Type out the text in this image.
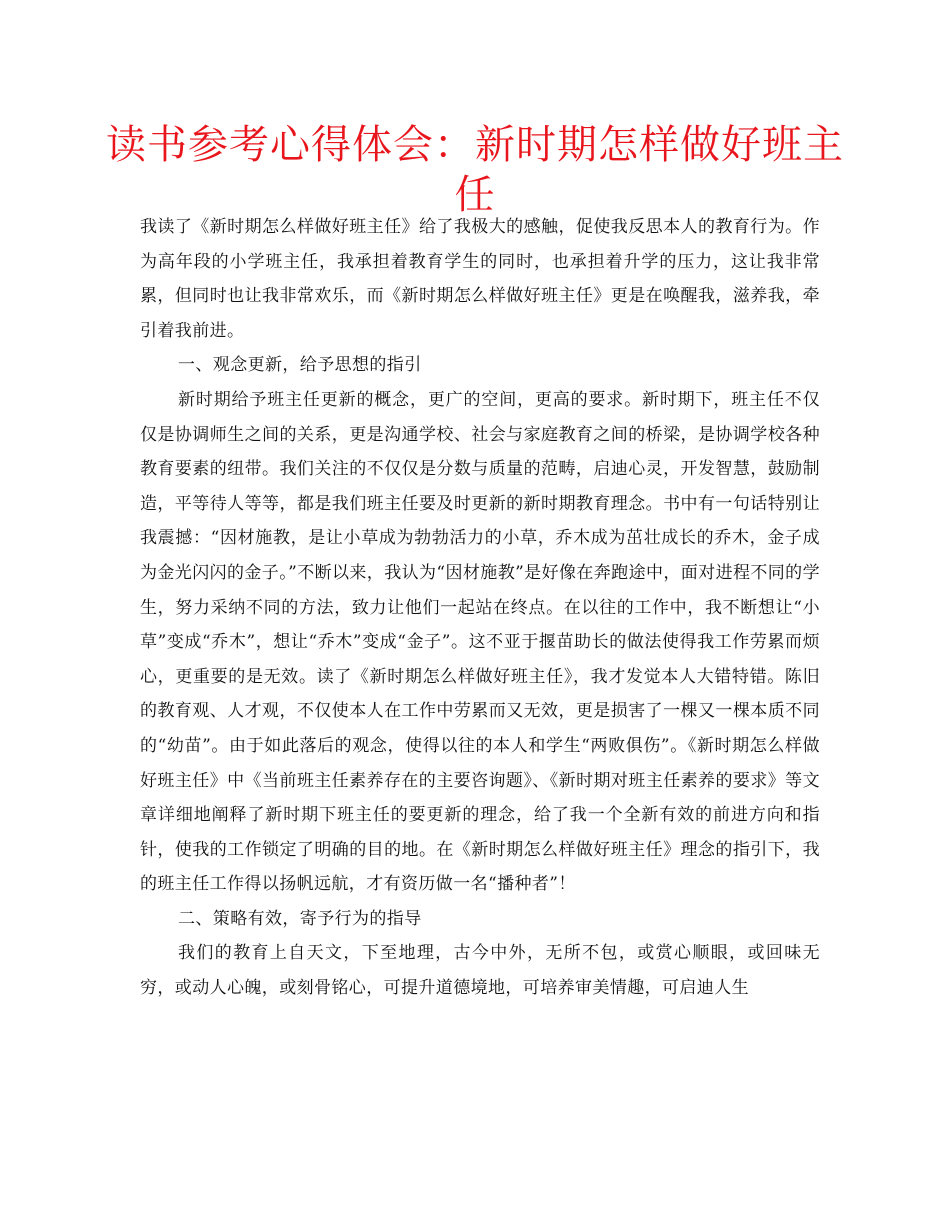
读书参考心得体会：新时期怎样做好班主任

我读了《新时期怎么样做好班主任》给了我极大的感触，促使我反思本人的教育行为。作为高年段的小学班主任，我承担着教育学生的同时，也承担着升学的压力，这让我非常累，但同时也让我非常欢乐，而《新时期怎么样做好班主任》更是在唤醒我，滋养我，牵引着我前进。

一、观念更新，给予思想的指引

新时期给予班主任更新的概念，更广的空间，更高的要求。新时期下，班主任不仅仅是协调师生之间的关系，更是沟通学校、社会与家庭教育之间的桥梁，是协调学校各种教育要素的纽带。我们关注的不仅仅是分数与质量的范畴，启迪心灵，开发智慧，鼓励制造，平等待人等等，都是我们班主任要及时更新的新时期教育理念。书中有一句话特别让我震撼：“因材施教，是让小草成为勃勃活力的小草，乔木成为茁壮成长的乔木，金子成为金光闪闪的金子。”不断以来，我认为“因材施教”是好像在奔跑途中，面对进程不同的学生，努力采纳不同的方法，致力让他们一起站在终点。在以往的工作中，我不断想让“小草”变成“乔木”，想让“乔木”变成“金子”。这不亚于揠苗助长的做法使得我工作劳累而烦心，更重要的是无效。读了《新时期怎么样做好班主任》，我才发觉本人大错特错。陈旧的教育观、人才观，不仅使本人在工作中劳累而又无效，更是损害了一棵又一棵本质不同的“幼苗”。由于如此落后的观念，使得以往的本人和学生“两败俱伤”。《新时期怎么样做好班主任》中《当前班主任素养存在的主要咨询题》、《新时期对班主任素养的要求》等文章详细地阐释了新时期下班主任的要更新的理念，给了我一个全新有效的前进方向和指针，使我的工作锁定了明确的目的地。在《新时期怎么样做好班主任》理念的指引下，我的班主任工作得以扬帆远航，才有资历做一名“播种者”！

二、策略有效，寄予行为的指导

我们的教育上自天文，下至地理，古今中外，无所不包，或赏心顺眼，或回味无穷，或动人心魄，或刻骨铭心，可提升道德境地，可培养审美情趣，可启迪人生
